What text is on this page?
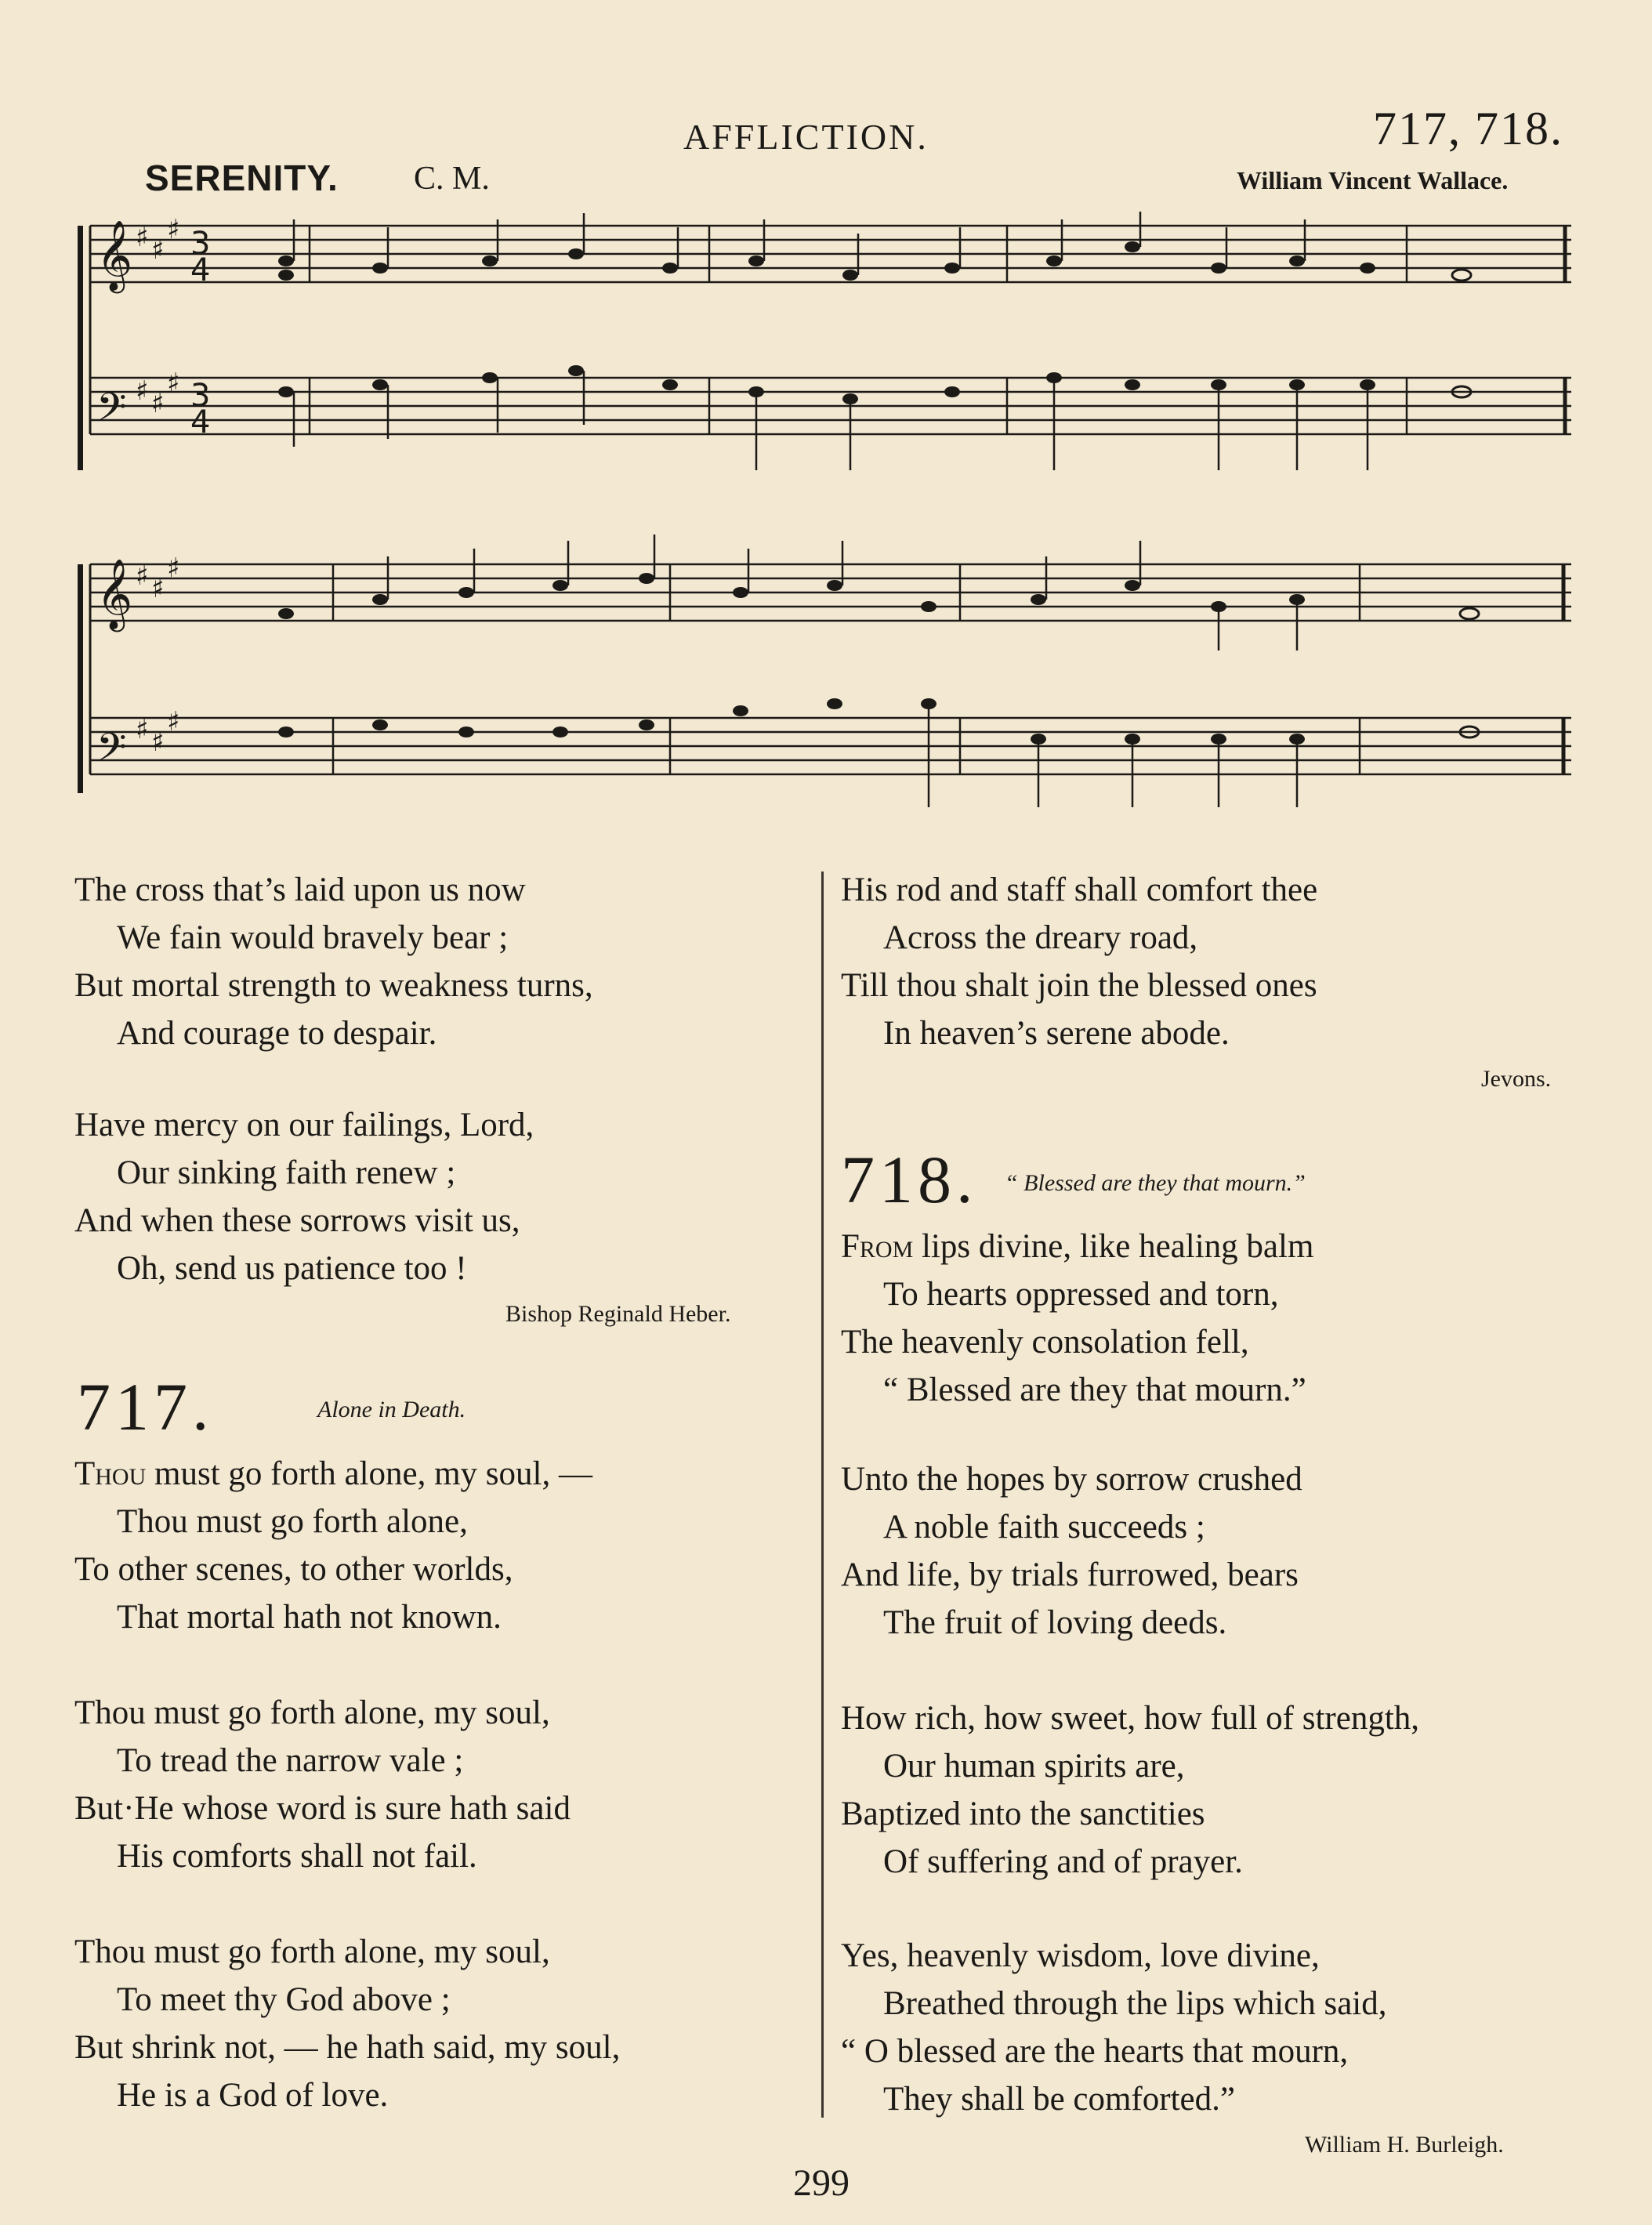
AFFLICTION.	717, 718.
SERENITY. C. M.	William Vincent Wallace.
𝄞
𝄢
𝄞
𝄢
♯ ♯
♯ 3
4
♯ ♯
♯ 3
4
♯ ♯
♯
♯ ♯
♯
The cross that’s laid upon us now
We fain would bravely bear ;
But mortal strength to weakness turns,
And courage to despair.
Have mercy on our failings, Lord,
Our sinking faith renew ;
And when these sorrows visit us,
Oh, send us patience too !
Bishop Reginald Heber.
717.	Alone in Death.
Thou must go forth alone, my soul, —
Thou must go forth alone,
To other scenes, to other worlds,
That mortal hath not known.
Thou must go forth alone, my soul,
To tread the narrow vale ;
But·He whose word is sure hath said
His comforts shall not fail.
Thou must go forth alone, my soul,
To meet thy God above ;
But shrink not, — he hath said, my soul,
He is a God of love.
His rod and staff shall comfort thee
Across the dreary road,
Till thou shalt join the blessed ones
In heaven’s serene abode.
Jevons.
718. “ Blessed are they that mourn.”
From lips divine, like healing balm
To hearts oppressed and torn,
The heavenly consolation fell,
“ Blessed are they that mourn.”
Unto the hopes by sorrow crushed
A noble faith succeeds ;
And life, by trials furrowed, bears
The fruit of loving deeds.
How rich, how sweet, how full of strength,
Our human spirits are,
Baptized into the sanctities
Of suffering and of prayer.
Yes, heavenly wisdom, love divine,
Breathed through the lips which said,
“ O blessed are the hearts that mourn,
They shall be comforted.”
William H. Burleigh.
299
